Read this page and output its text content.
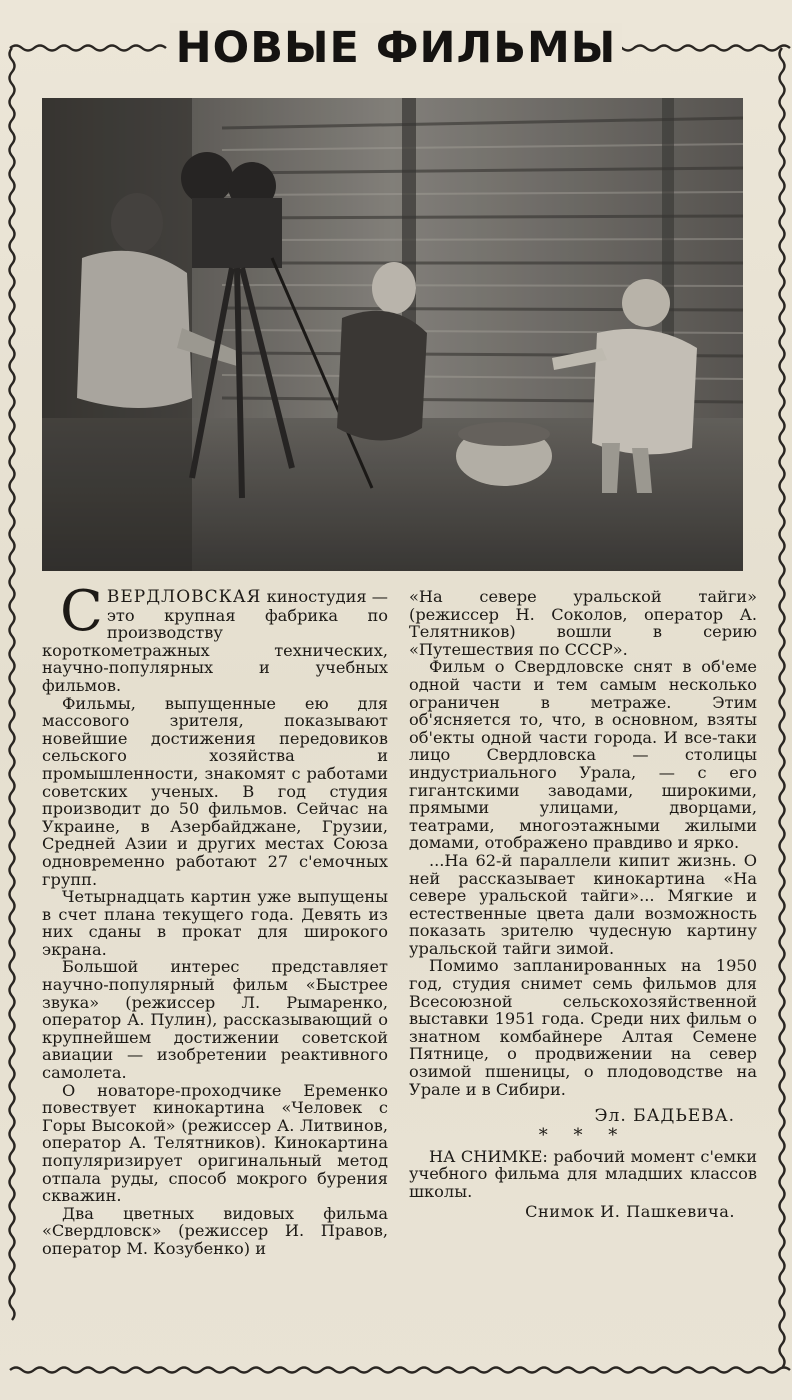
НОВЫЕ ФИЛЬМЫ

СВЕРДЛОВСКАЯ киностудия — это крупная фабрика по производству короткометражных технических, научно-популярных и учебных фильмов.

Фильмы, выпущенные ею для массового зрителя, показывают новейшие достижения передовиков сельского хозяйства и промышленности, знакомят с работами советских ученых. В год студия производит до 50 фильмов. Сейчас на Украине, в Азербайджане, Грузии, Средней Азии и других местах Союза одновременно работают 27 с'емочных групп.

Четырнадцать картин уже выпущены в счет плана текущего года. Девять из них сданы в прокат для широкого экрана.

Большой интерес представляет научно-популярный фильм «Быстрее звука» (режиссер Л. Рымаренко, оператор А. Пулин), рассказывающий о крупнейшем достижении советской авиации — изобретении реактивного самолета.

О новаторе-проходчике Еременко повествует кинокартина «Человек с Горы Высокой» (режиссер А. Литвинов, оператор А. Телятников). Кинокартина популяризирует оригинальный метод отпала руды, способ мокрого бурения скважин.

Два цветных видовых фильма «Свердловск» (режиссер И. Правов, оператор М. Козубенко) и

«На севере уральской тайги» (режиссер Н. Соколов, оператор А. Телятников) вошли в серию «Путешествия по СССР».

Фильм о Свердловске снят в об'еме одной части и тем самым несколько ограничен в метраже. Этим об'ясняется то, что, в основном, взяты об'екты одной части города. И все-таки лицо Свердловска — столицы индустриального Урала, — с его гигантскими заводами, широкими, прямыми улицами, дворцами, театрами, многоэтажными жилыми домами, отображено правдиво и ярко.

...На 62-й параллели кипит жизнь. О ней рассказывает кинокартина «На севере уральской тайги»... Мягкие и естественные цвета дали возможность показать зрителю чудесную картину уральской тайги зимой.

Помимо запланированных на 1950 год, студия снимет семь фильмов для Всесоюзной сельскохозяйственной выставки 1951 года. Среди них фильм о знатном комбайнере Алтая Семене Пятнице, о продвижении на север озимой пшеницы, о плодоводстве на Урале и в Сибири.

Эл. БАДЬЕВА.
* * *

НА СНИМКЕ: рабочий момент с'емки учебного фильма для младших классов школы.

Снимок И. Пашкевича.
